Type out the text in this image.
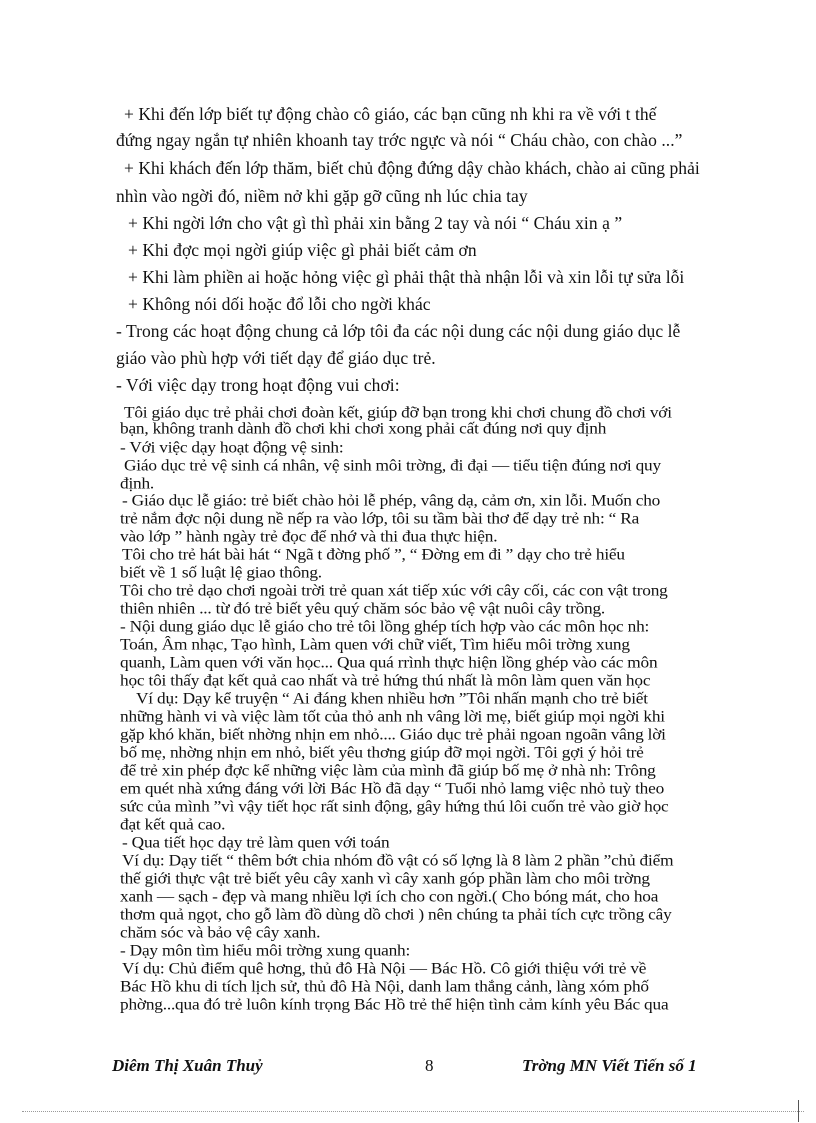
+ Khi đến lớp biết tự động chào cô giáo, các bạn cũng nh khi ra về với t thế
đứng ngay ngắn tự nhiên khoanh tay trớc ngực và nói “ Cháu chào, con chào ...”
+ Khi khách đến lớp thăm, biết chủ động đứng dậy chào khách, chào ai cũng phải
nhìn vào ngời đó, niềm nở khi gặp gỡ cũng nh lúc chia tay
+ Khi ngời lớn cho vật gì thì phải xin bằng 2 tay và nói “ Cháu xin ạ ”
+ Khi đợc mọi ngời giúp việc gì phải biết cảm ơn
+ Khi làm phiền ai hoặc hỏng việc gì phải thật thà nhận lỗi và xin lỗi tự sửa lỗi
+ Không nói dối hoặc đổ lỗi cho ngời khác
- Trong các hoạt động chung cả lớp tôi đa các nội dung các nội dung giáo dục lễ
giáo vào phù hợp với tiết dạy để giáo dục trẻ.
- Với việc dạy trong hoạt động vui chơi:
Tôi giáo dục trẻ phải chơi đoàn kết, giúp đỡ bạn trong khi chơi chung đồ chơi với
bạn, không tranh dành đồ chơi khi chơi xong phải cất đúng nơi quy định
- Với việc dạy hoạt động vệ sinh:
Giáo dục trẻ vệ sinh cá nhân, vệ sinh môi trờng, đi đại — tiểu tiện đúng nơi quy
định.
- Giáo dục lễ giáo: trẻ biết chào hỏi lễ phép, vâng dạ, cảm ơn, xin lỗi. Muốn cho
trẻ nắm đợc nội dung nề nếp ra vào lớp, tôi su tầm bài thơ để dạy trẻ nh: “ Ra
vào lớp ” hành ngày trẻ đọc để nhớ và thi đua thực hiện.
Tôi cho trẻ hát bài hát “ Ngã t đờng phố ”, “ Đờng em đi ” dạy cho trẻ hiểu
biết về 1 số luật lệ giao thông.
Tôi cho trẻ dạo chơi ngoài trời trẻ quan xát tiếp xúc với cây cối, các con vật trong
thiên nhiên ... từ đó trẻ biết yêu quý chăm sóc bảo vệ vật nuôi cây trồng.
- Nội dung giáo dục lễ giáo cho trẻ tôi lồng ghép tích hợp vào các môn học nh:
Toán, Âm nhạc, Tạo hình, Làm quen với chữ viết, Tìm hiểu môi trờng xung
quanh, Làm quen với văn học... Qua quá rrình thực hiện lồng ghép vào các môn
học tôi thấy đạt kết quả cao nhất và trẻ hứng thú nhất là môn làm quen văn học
Ví dụ: Dạy kể truyện “ Ai đáng khen nhiều hơn ”Tôi nhấn mạnh cho trẻ biết
những hành vi và việc làm tốt của thỏ anh nh vâng lời mẹ, biết giúp mọi ngời khi
gặp khó khăn, biết nhờng nhịn em nhỏ.... Giáo dục trẻ phải ngoan ngoãn vâng lời
bố mẹ, nhờng nhịn em nhỏ, biết yêu thơng giúp đỡ mọi ngời. Tôi gợi ý hỏi trẻ
để trẻ xin phép đợc kể những việc làm của mình đã giúp bố mẹ ở nhà nh: Trông
em quét nhà xứng đáng với lời Bác Hồ đã dạy “ Tuổi nhỏ lamg việc nhỏ tuỳ theo
sức của mình ”vì vậy tiết học rất sinh động, gây hứng thú lôi cuốn trẻ vào giờ học
đạt kết quả cao.
- Qua tiết học dạy trẻ làm quen với toán
Ví dụ: Dạy tiết “ thêm bớt chia nhóm đồ vật có số lợng là 8 làm 2 phần ”chủ điểm
thế giới thực vật trẻ biết yêu cây xanh vì cây xanh góp phần làm cho môi trờng
xanh — sạch - đẹp và mang nhiều lợi ích cho con ngời.( Cho bóng mát, cho hoa
thơm quả ngọt, cho gỗ làm đồ dùng dồ chơi ) nên chúng ta phải tích cực trồng cây
chăm sóc và bảo vệ cây xanh.
- Dạy môn tìm hiểu môi trờng xung quanh:
Ví dụ: Chủ điểm quê hơng, thủ đô Hà Nội — Bác Hồ. Cô giới thiệu với trẻ về
Bác Hồ khu di tích lịch sử, thủ đô Hà Nội, danh lam thắng cảnh, làng xóm phố
phờng...qua đó trẻ luôn kính trọng Bác Hồ trẻ thể hiện tình cảm kính yêu Bác qua
Diêm Thị Xuân Thuỷ	8	Trờng MN Viết Tiến số 1
